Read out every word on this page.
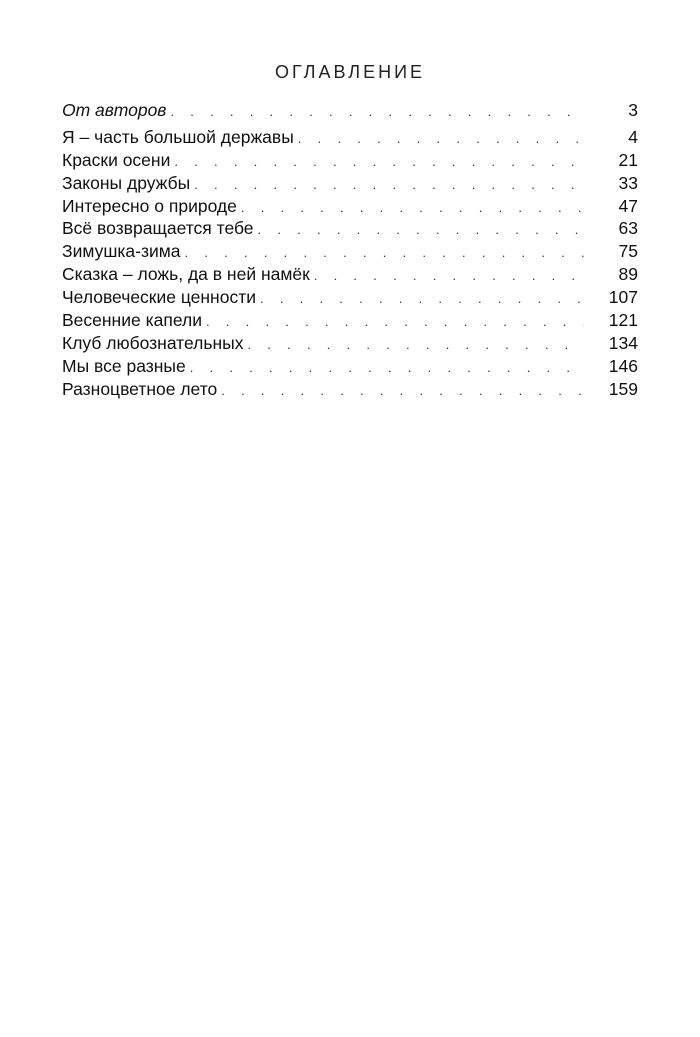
ОГЛАВЛЕНИЕ
От авторов . . .	3
Я – часть большой державы . . .	4
Краски осени . . .	21
Законы дружбы . . .	33
Интересно о природе . . .	47
Всё возвращается тебе . . .	63
Зимушка-зима . . .	75
Сказка – ложь, да в ней намёк . . .	89
Человеческие ценности . . .	107
Весенние капели . . .	121
Клуб любознательных . . .	134
Мы все разные . . .	146
Разноцветное лето . . .	159
